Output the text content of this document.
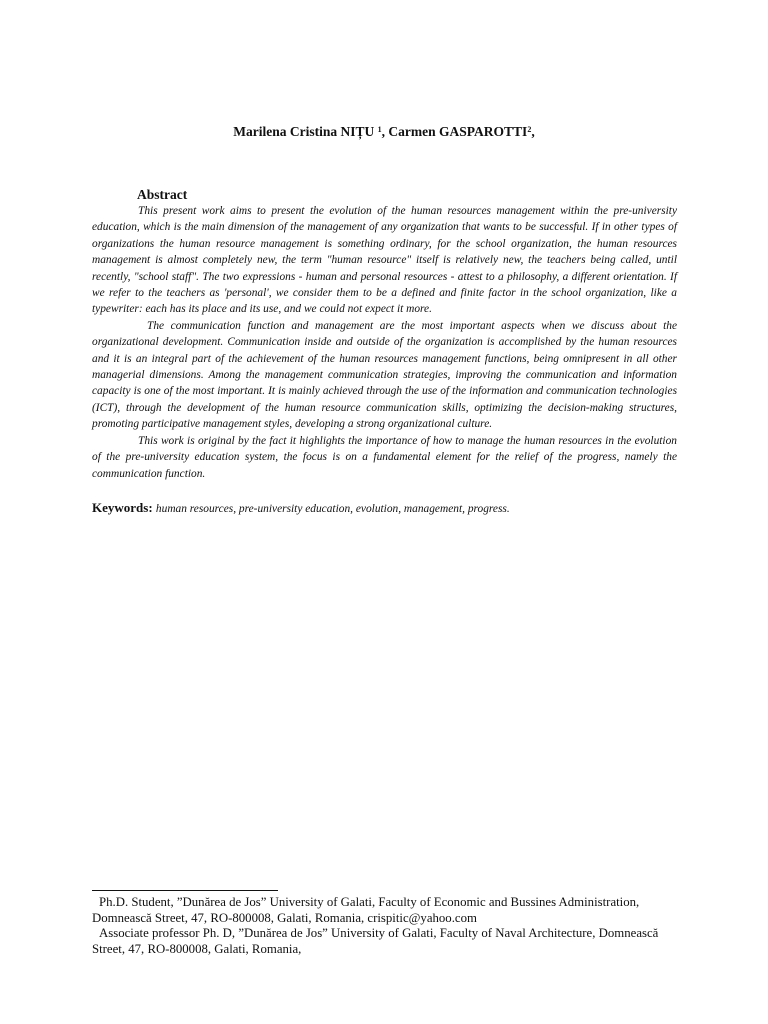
Marilena Cristina NIȚU $^1$, Carmen GASPAROTTI$^2$,
Abstract

This present work aims to present the evolution of the human resources management within the pre-university education, which is the main dimension of the management of any organization that wants to be successful. If in other types of organizations the human resource management is something ordinary, for the school organization, the human resources management is almost completely new, the term "human resource" itself is relatively new, the teachers being called, until recently, "school staff". The two expressions - human and personal resources - attest to a philosophy, a different orientation. If we refer to the teachers as 'personal', we consider them to be a defined and finite factor in the school organization, like a typewriter: each has its place and its use, and we could not expect it more.

The communication function and management are the most important aspects when we discuss about the organizational development. Communication inside and outside of the organization is accomplished by the human resources and it is an integral part of the achievement of the human resources management functions, being omnipresent in all other managerial dimensions. Among the management communication strategies, improving the communication and information capacity is one of the most important. It is mainly achieved through the use of the information and communication technologies (ICT), through the development of the human resource communication skills, optimizing the decision-making structures, promoting participative management styles, developing a strong organizational culture.

This work is original by the fact it highlights the importance of how to manage the human resources in the evolution of the pre-university education system, the focus is on a fundamental element for the relief of the progress, namely the communication function.

Keywords: human resources, pre-university education, evolution, management, progress.

Ph.D. Student, ”Dunărea de Jos” University of Galati, Faculty of Economic and Bussines Administration, Domnească Street, 47, RO-800008, Galati, Romania, crispitic@yahoo.com

Associate professor Ph. D, ”Dunărea de Jos” University of Galati, Faculty of Naval Architecture, Domnească Street, 47, RO-800008, Galati, Romania,
